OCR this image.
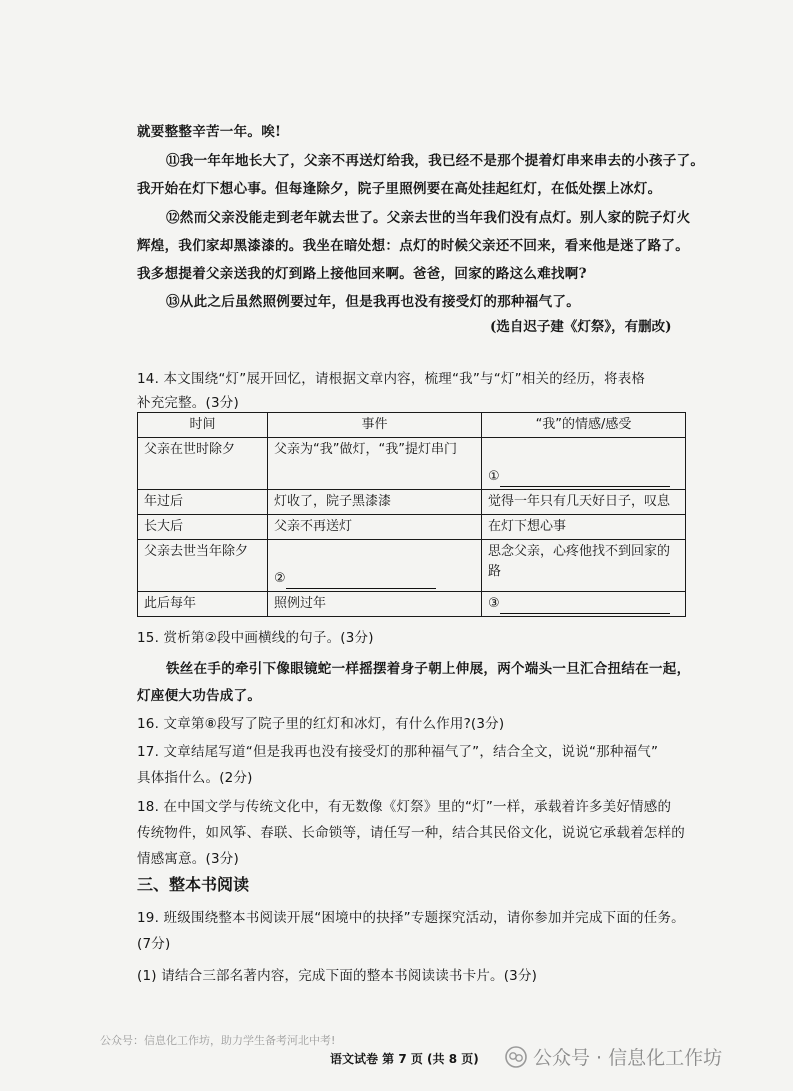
就要整整辛苦一年。唉!
⑪我一年年地长大了，父亲不再送灯给我，我已经不是那个提着灯串来串去的小孩子了。
我开始在灯下想心事。但每逢除夕，院子里照例要在高处挂起红灯，在低处摆上冰灯。
⑫然而父亲没能走到老年就去世了。父亲去世的当年我们没有点灯。别人家的院子灯火
辉煌，我们家却黑漆漆的。我坐在暗处想：点灯的时候父亲还不回来，看来他是迷了路了。
我多想提着父亲送我的灯到路上接他回来啊。爸爸，回家的路这么难找啊?
⑬从此之后虽然照例要过年，但是我再也没有接受灯的那种福气了。
(选自迟子建《灯祭》，有删改)
14. 本文围绕“灯”展开回忆，请根据文章内容，梳理“我”与“灯”相关的经历，将表格
补充完整。(3分)
时间	事件	“我”的情感/感受
父亲在世时除夕	父亲为“我”做灯，“我”提灯串门	①
年过后	灯收了，院子黑漆漆	觉得一年只有几天好日子，叹息
长大后	父亲不再送灯	在灯下想心事
父亲去世当年除夕	②	思念父亲，心疼他找不到回家的路
此后每年	照例过年	③
15. 赏析第②段中画横线的句子。(3分)
铁丝在手的牵引下像眼镜蛇一样摇摆着身子朝上伸展，两个端头一旦汇合扭结在一起，
灯座便大功告成了。
16. 文章第⑧段写了院子里的红灯和冰灯，有什么作用?(3分)
17. 文章结尾写道“但是我再也没有接受灯的那种福气了”，结合全文，说说“那种福气”
具体指什么。(2分)
18. 在中国文学与传统文化中，有无数像《灯祭》里的“灯”一样，承载着许多美好情感的
传统物件，如风筝、春联、长命锁等，请任写一种，结合其民俗文化，说说它承载着怎样的
情感寓意。(3分)
三、整本书阅读
19. 班级围绕整本书阅读开展“困境中的抉择”专题探究活动，请你参加并完成下面的任务。
(7分)
(1) 请结合三部名著内容，完成下面的整本书阅读读书卡片。(3分)
公众号：信息化工作坊，助力学生备考河北中考!
语文试卷 第 7 页 (共 8 页)	公众号 · 信息化工作坊
